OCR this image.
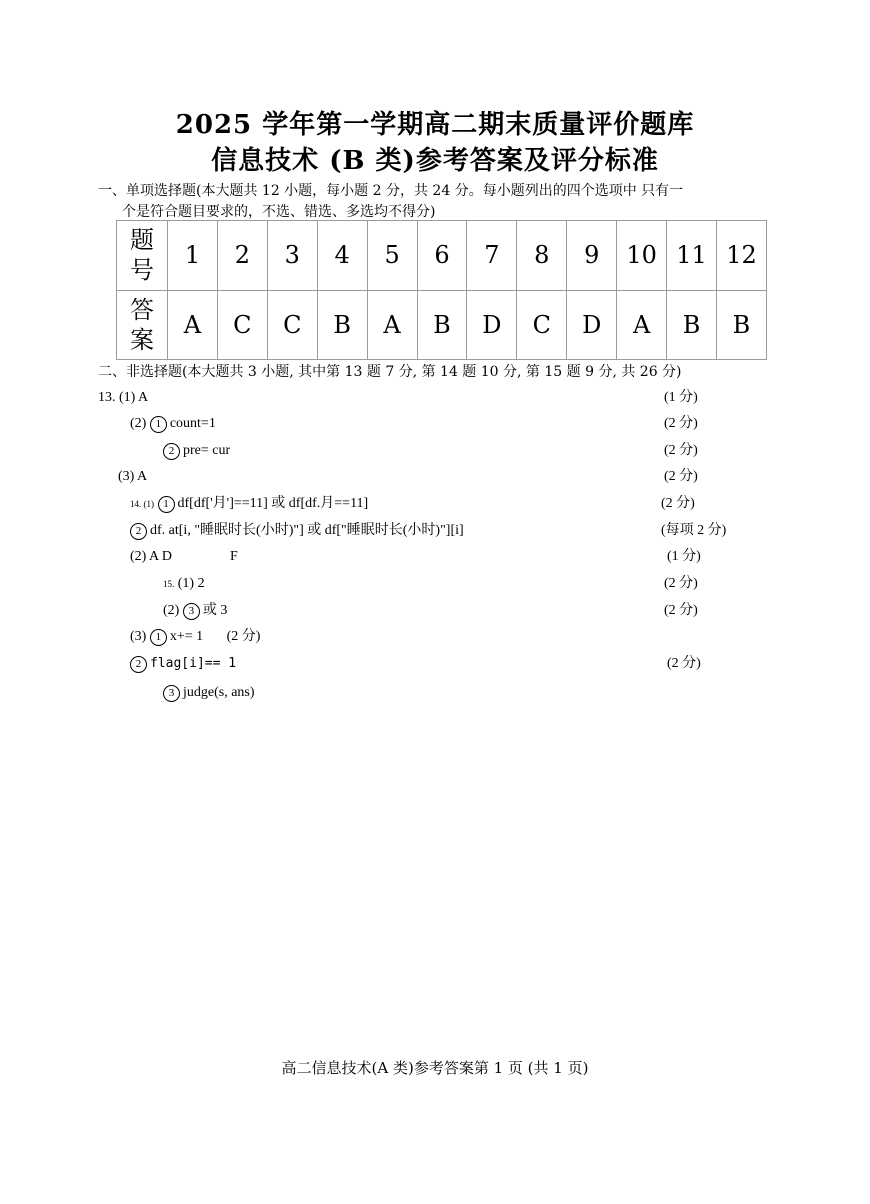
2025 学年第一学期高二期末质量评价题库
信息技术 (B 类)参考答案及评分标准
一、单项选择题(本大题共 12 小题，每小题 2 分，共 24 分。每小题列出的四个选项中 只有一
个是符合题目要求的，不选、错选、多选均不得分)
题
号	1	2	3	4	5	6	7	8	9	10	11	12

答
案	A	C	C	B	A	B	D	C	D	A	B	B
二、非选择题(本大题共 3 小题, 其中第 13 题 7 分, 第 14 题 10 分, 第 15 题 9 分, 共 26 分)
13. (1) A	(1 分)
(2) 1 count=1	(2 分)
2 pre= cur	(2 分)
(3) A	(2 分)
14. (1) 1 df[df['月']==11] 或 df[df.月==11]	(2 分)
2 df. at[i, "睡眠时长(小时)"] 或 df["睡眠时长(小时)"][i]	(每项 2 分)
(2) A D	F	(1 分)
15. (1) 2	(2 分)
(2) 3 或 3	(2 分)
(3) 1 x+= 1 (2 分)
2 flag[i]== 1	(2 分)
3 judge(s, ans)
高二信息技术(A 类)参考答案第 1 页 (共 1 页)
